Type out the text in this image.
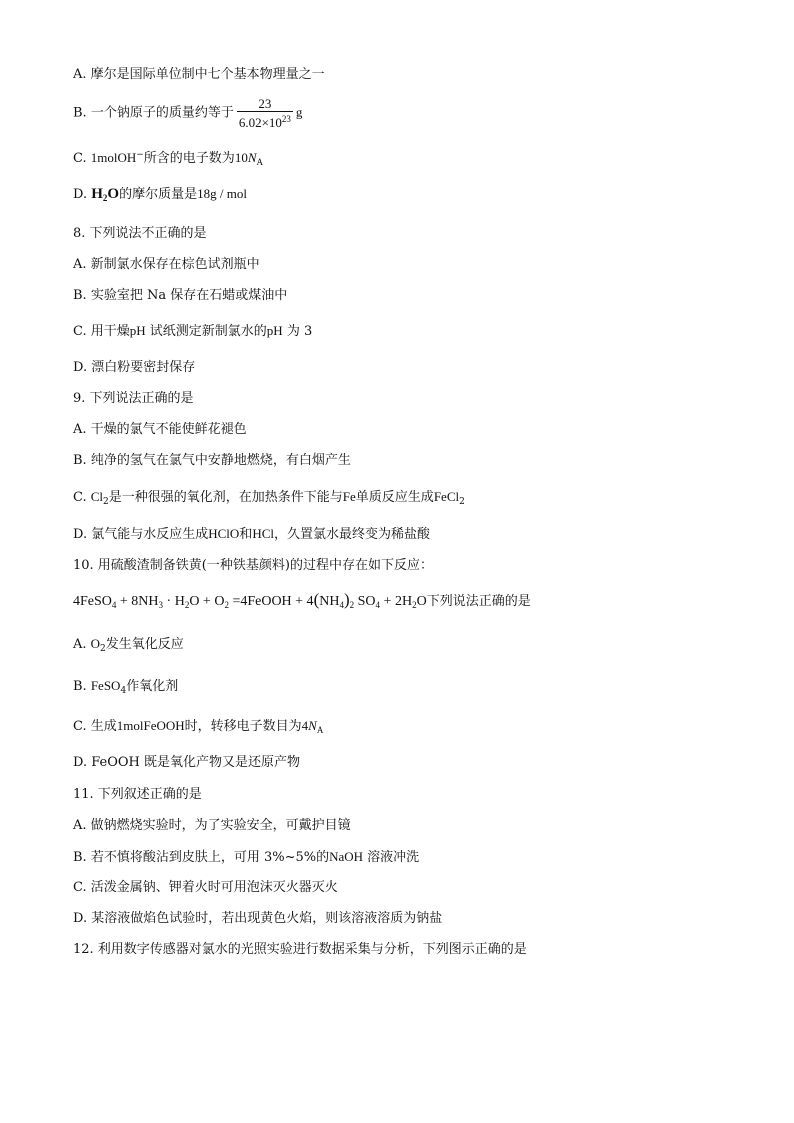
A. 摩尔是国际单位制中七个基本物理量之一
B. 一个钠原子的质量约等于 $\frac{23}{6.02\times 10^{23}}$ g
C. 1molOH−所含的电子数为$10N_A$
D. $H_2O$的摩尔质量是18g / mol
8. 下列说法不正确的是
A. 新制氯水保存在棕色试剂瓶中
B. 实验室把 Na 保存在石蜡或煤油中
C. 用干燥pH 试纸测定新制氯水的pH 为 3
D. 漂白粉要密封保存
9. 下列说法正确的是
A. 干燥的氯气不能使鲜花褪色
B. 纯净的氢气在氯气中安静地燃烧，有白烟产生
C. $Cl_2$是一种很强的氧化剂，在加热条件下能与Fe单质反应生成FeCl$_2$
D. 氯气能与水反应生成HClO和HCl，久置氯水最终变为稀盐酸
10. 用硫酸渣制备铁黄(一种铁基颜料)的过程中存在如下反应：
4FeSO$_4$ + $8NH_3 \cdot H_2O + O_2$ =4FeOOH + $4(NH_4)_2$ $SO_4 + 2H_2O$下列说法正确的是
A. $O_2$发生氧化反应
B. FeSO$_4$作氧化剂
C. 生成1molFeOOH时，转移电子数目为$4N_A$
D. FeOOH 既是氧化产物又是还原产物
11. 下列叙述正确的是
A. 做钠燃烧实验时，为了实验安全，可戴护目镜
B. 若不慎将酸沾到皮肤上，可用 3%~5%的NaOH 溶液冲洗
C. 活泼金属钠、钾着火时可用泡沫灭火器灭火
D. 某溶液做焰色试验时，若出现黄色火焰，则该溶液溶质为钠盐
12. 利用数字传感器对氯水的光照实验进行数据采集与分析，下列图示正确的是
